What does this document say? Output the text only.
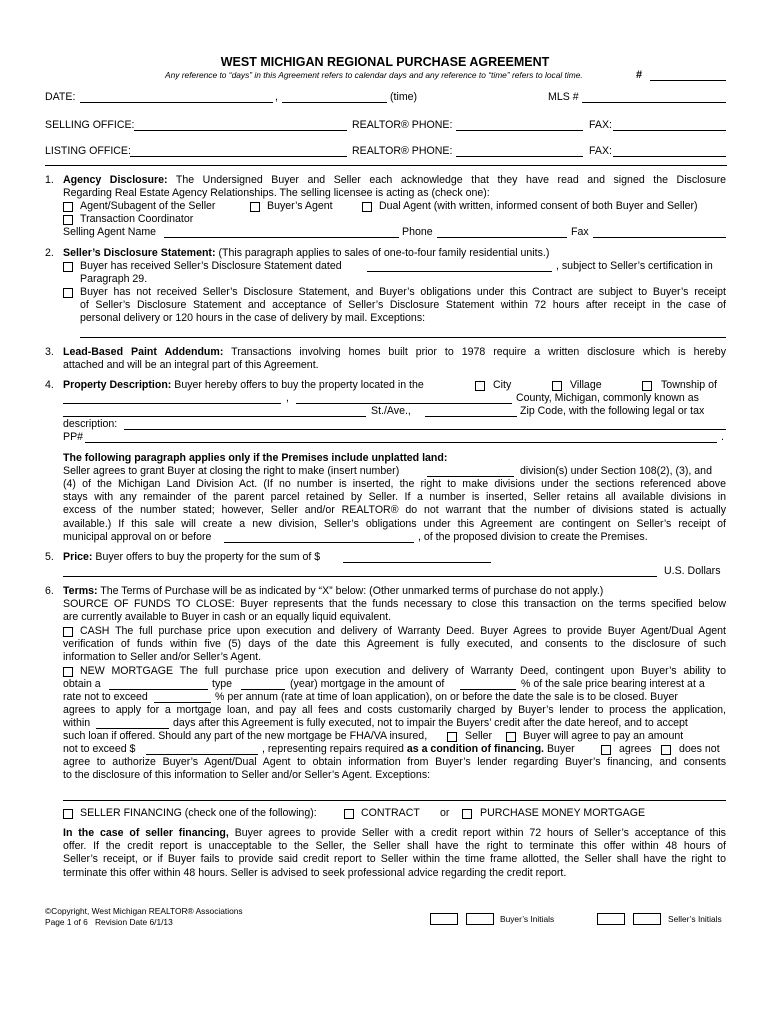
WEST MICHIGAN REGIONAL PURCHASE AGREEMENT
Any reference to “days” in this Agreement refers to calendar days and any reference to “time” refers to local time.	#
DATE:	,	(time)	MLS #
SELLING OFFICE:	REALTOR® PHONE:	FAX:
LISTING OFFICE:	REALTOR® PHONE:	FAX:
1. Agency Disclosure: The Undersigned Buyer and Seller each acknowledge that they have read and signed the Disclosure
Regarding Real Estate Agency Relationships. The selling licensee is acting as (check one):
Agent/Subagent of the Seller	Buyer’s Agent	Dual Agent (with written, informed consent of both Buyer and Seller)
Transaction Coordinator
Selling Agent Name	Phone	Fax
2. Seller’s Disclosure Statement: (This paragraph applies to sales of one-to-four family residential units.)
Buyer has received Seller’s Disclosure Statement dated	, subject to Seller’s certification in
Paragraph 29.
Buyer has not received Seller’s Disclosure Statement, and Buyer’s obligations under this Contract are subject to Buyer’s receipt
of Seller’s Disclosure Statement and acceptance of Seller’s Disclosure Statement within 72 hours after receipt in the case of
personal delivery or 120 hours in the case of delivery by mail. Exceptions:
3. Lead-Based Paint Addendum: Transactions involving homes built prior to 1978 require a written disclosure which is hereby
attached and will be an integral part of this Agreement.
4. Property Description: Buyer hereby offers to buy the property located in the	City	Village	Township of
,	County, Michigan, commonly known as
St./Ave.,	Zip Code, with the following legal or tax
description:
PP#	.
The following paragraph applies only if the Premises include unplatted land:
Seller agrees to grant Buyer at closing the right to make (insert number)	division(s) under Section 108(2), (3), and
(4) of the Michigan Land Division Act. (If no number is inserted, the right to make divisions under the sections referenced above
stays with any remainder of the parent parcel retained by Seller. If a number is inserted, Seller retains all available divisions in
excess of the number stated; however, Seller and/or REALTOR® do not warrant that the number of divisions stated is actually
available.) If this sale will create a new division, Seller’s obligations under this Agreement are contingent on Seller’s receipt of
municipal approval on or before	, of the proposed division to create the Premises.
5. Price: Buyer offers to buy the property for the sum of $
U.S. Dollars
6. Terms: The Terms of Purchase will be as indicated by “X” below: (Other unmarked terms of purchase do not apply.)
SOURCE OF FUNDS TO CLOSE: Buyer represents that the funds necessary to close this transaction on the terms specified below
are currently available to Buyer in cash or an equally liquid equivalent.
CASH The full purchase price upon execution and delivery of Warranty Deed. Buyer Agrees to provide Buyer Agent/Dual Agent
verification of funds within five (5) days of the date this Agreement is fully executed, and consents to the disclosure of such
information to Seller and/or Seller’s Agent.
NEW MORTGAGE The full purchase price upon execution and delivery of Warranty Deed, contingent upon Buyer’s ability to
obtain a	type	(year) mortgage in the amount of	% of the sale price bearing interest at a
rate not to exceed	% per annum (rate at time of loan application), on or before the date the sale is to be closed. Buyer
agrees to apply for a mortgage loan, and pay all fees and costs customarily charged by Buyer’s lender to process the application,
within	days after this Agreement is fully executed, not to impair the Buyers’ credit after the date hereof, and to accept
such loan if offered. Should any part of the new mortgage be FHA/VA insured,	Seller	Buyer will agree to pay an amount
not to exceed $	, representing repairs required as a condition of financing. Buyer	agrees	does not
agree to authorize Buyer’s Agent/Dual Agent to obtain information from Buyer’s lender regarding Buyer’s financing, and consents
to the disclosure of this information to Seller and/or Seller’s Agent. Exceptions:
SELLER FINANCING (check one of the following):	CONTRACT or	PURCHASE MONEY MORTGAGE
In the case of seller financing, Buyer agrees to provide Seller with a credit report within 72 hours of Seller’s acceptance of this
offer. If the credit report is unacceptable to the Seller, the Seller shall have the right to terminate this offer within 48 hours of
Seller’s receipt, or if Buyer fails to provide said credit report to Seller within the time frame allotted, the Seller shall have the right to
terminate this offer within 48 hours. Seller is advised to seek professional advice regarding the credit report.
©Copyright, West Michigan REALTOR® Associations
Page 1 of 6 Revision Date 6/1/13	Buyer’s Initials	Seller’s Initials
